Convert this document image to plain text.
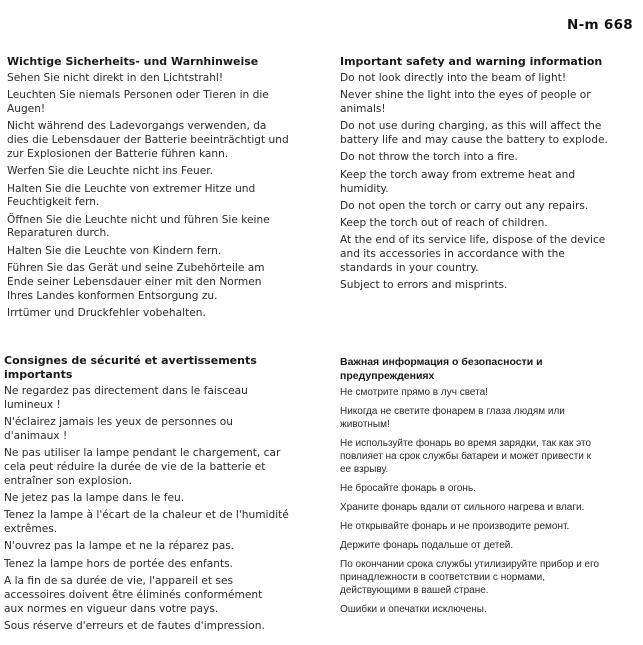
N-m 668
Wichtige Sicherheits- und Warnhinweise

Sehen Sie nicht direkt in den Lichtstrahl!

Leuchten Sie niemals Personen oder Tieren in die
Augen!

Nicht während des Ladevorgangs verwenden, da
dies die Lebensdauer der Batterie beeinträchtigt und
zur Explosionen der Batterie führen kann.

Werfen Sie die Leuchte nicht ins Feuer.

Halten Sie die Leuchte von extremer Hitze und
Feuchtigkeit fern.

Öffnen Sie die Leuchte nicht und führen Sie keine
Reparaturen durch.

Halten Sie die Leuchte von Kindern fern.

Führen Sie das Gerät und seine Zubehörteile am
Ende seiner Lebensdauer einer mit den Normen
Ihres Landes konformen Entsorgung zu.

Irrtümer und Druckfehler vobehalten.

Important safety and warning information

Do not look directly into the beam of light!

Never shine the light into the eyes of people or
animals!

Do not use during charging, as this will affect the
battery life and may cause the battery to explode.

Do not throw the torch into a fire.

Keep the torch away from extreme heat and
humidity.

Do not open the torch or carry out any repairs.

Keep the torch out of reach of children.

At the end of its service life, dispose of the device
and its accessories in accordance with the
standards in your country.

Subject to errors and misprints.

Consignes de sécurité et avertissements
importants

Ne regardez pas directement dans le faisceau
lumineux !

N'éclairez jamais les yeux de personnes ou
d'animaux !

Ne pas utiliser la lampe pendant le chargement, car
cela peut réduire la durée de vie de la batterie et
entraîner son explosion.

Ne jetez pas la lampe dans le feu.

Tenez la lampe à l'écart de la chaleur et de l'humidité
extrêmes.

N'ouvrez pas la lampe et ne la réparez pas.

Tenez la lampe hors de portée des enfants.

A la fin de sa durée de vie, l'appareil et ses
accessoires doivent être éliminés conformément
aux normes en vigueur dans votre pays.

Sous réserve d'erreurs et de fautes d'impression.

Важная информация о безопасности и
предупреждениях

Не смотрите прямо в луч света!

Никогда не светите фонарем в глаза людям или
животным!

Не используйте фонарь во время зарядки, так как это
повлияет на срок службы батареи и может привести к
ее взрыву.

Не бросайте фонарь в огонь.

Храните фонарь вдали от сильного нагрева и влаги.

Не открывайте фонарь и не производите ремонт.

Держите фонарь подальше от детей.

По окончании срока службы утилизируйте прибор и его
принадлежности в соответствии с нормами,
действующими в вашей стране.

Ошибки и опечатки исключены.
